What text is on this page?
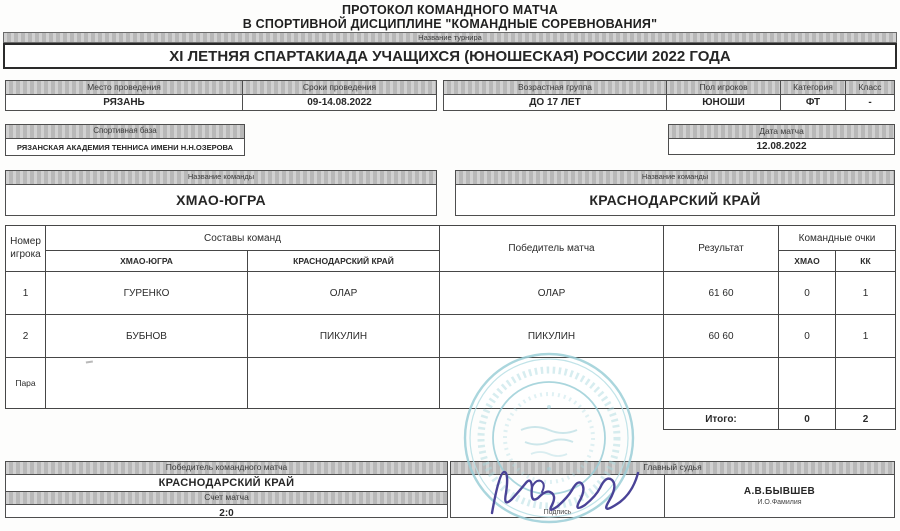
ПРОТОКОЛ КОМАНДНОГО МАТЧА
В СПОРТИВНОЙ ДИСЦИПЛИНЕ "КОМАНДНЫЕ СОРЕВНОВАНИЯ"
Название турнира
XI ЛЕТНЯЯ СПАРТАКИАДА УЧАЩИХСЯ (ЮНОШЕСКАЯ) РОССИИ 2022 ГОДА
Место проведения
РЯЗАНЬ
Сроки проведения
09-14.08.2022
Возрастная группа
ДО 17 ЛЕТ
Пол игроков
ЮНОШИ
Категория
ФТ
Класс
-
Спортивная база
РЯЗАНСКАЯ АКАДЕМИЯ ТЕННИСА ИМЕНИ Н.Н.ОЗЕРОВА
Дата матча
12.08.2022
Название команды
ХМАО-ЮГРА
Название команды
КРАСНОДАРСКИЙ КРАЙ
Номер игрока	Составы команд		Победитель матча	Результат	Командные очки	
	ХМАО-ЮГРА	КРАСНОДАРСКИЙ КРАЙ			ХМАО	КК
1	ГУРЕНКО	ОЛАР	ОЛАР	61 60	0	1
2	БУБНОВ	ПИКУЛИН	ПИКУЛИН	60 60	0	1
Пара						
				Итого:	0	2
Победитель командного матча
КРАСНОДАРСКИЙ КРАЙ
Счет матча
2:0
Главный судья
Подпись
А.В.БЫВШЕВ
И.О.Фамилия
